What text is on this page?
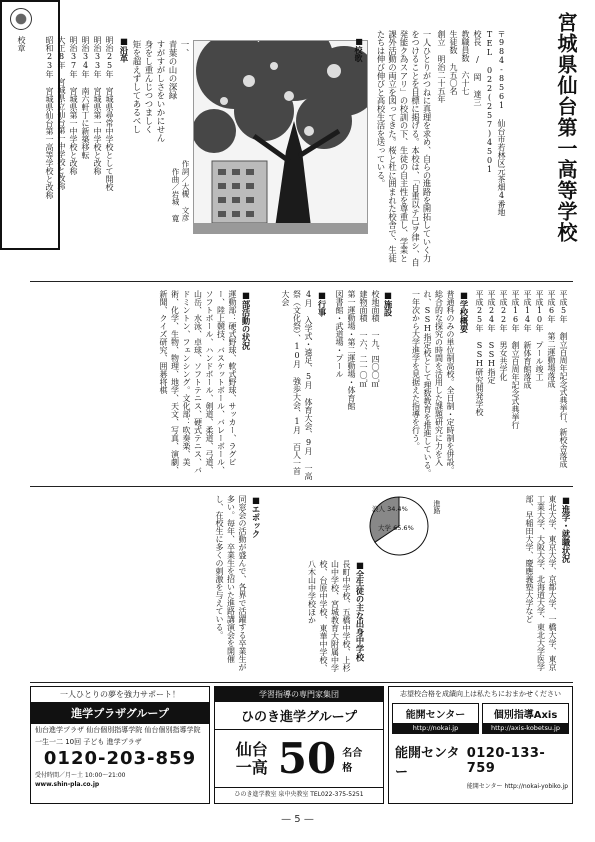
宮城県仙台第一高等学校
校章	〒984-8561 仙台市若林区元茶畑4番地
TEL 022(257)4501
校長 / 岡 達三
教職員数 六十七
生徒数 九五〇名
創立 明治二十五年
一人ひとりがつねに真理を求め、自らの進路を開拓していく力をつけることを目標に掲げる。本校は、「自重以テ己ヲ律シ、自発能ク為スアリ」の校訓の下、生徒の自主性を尊重し、学業と課外活動の両立を図ってきた。桜と杜に囲まれた校舎で、生徒たちは伸び伸びと高校生活を送っている。
■校歌
一、
青葉の山の深緑
すがすがしさをいかにせん
身をし重んじつつましく
矩を超えずしてあるべし
作詞／大槻 文彦
作曲／岩城 寛
■ 沿革
明治25年 宮城県尋常中学校として開校
明治33年 宮城県第一中学校と改称
明治34年 南六軒丁に新築移転
明治37年 宮城県第一中学校と改称
大正8年 宮城県立仙台第一中学校と改称
昭和23年 宮城県仙台第一高等学校と改称
平成5年 創立百周年記念式典挙行、新校舎落成
平成6年 第二運動場落成
平成10年 プール竣工
平成14年 新体育館落成
平成16年 創立百周年記念式典挙行
平成22年 男女共学化
平成24年 SSH指定
平成25年 SSH研究開発学校
■ 学校概要
普通科のみの単位制高校。全日制・定時制を併設。総合的な探究の時間を活用した課題研究に力を入れ、SSH指定校として理数教育を推進している。一年次から大学進学を見据えた指導を行う。
■ 施設
校地面積 一九、四〇〇㎡
建物面積 一六、二一〇㎡
第一運動場・第二運動場・体育館
図書館・武道場・プール
■ 行事
4月 入学式・遠足、5月 体育大会、9月 一高祭（文化祭）、10月 強歩大会、1月 百人一首大会
■ 部活動の状況
運動部：硬式野球、軟式野球、サッカー、ラグビー、陸上競技、バスケットボール、バレーボール、ソフトボール、ハンドボール、剣道、柔道、弓道、山岳、水泳、卓球、ソフトテニス、硬式テニス、バドミントン、フェンシング。文化部：吹奏楽、美術、化学、生物、物理、地学、天文、写真、演劇、新聞、クイズ研究、囲碁将棋
■ 進学・就職状況
東北大学、東京大学、京都大学、一橋大学、東京工業大学、大阪大学、北海道大学、東北大学医学部、早稲田大学、慶應義塾大学など
大学 65.6%
浪人 34.4%	進路
■ 全生徒の主な出身中学校
長町中学校、五橋中学校、上杉山中学校、宮城教育大附属中学校、台原中学校、東華中学校、八木山中学校ほか
■ エポック
同窓会の活動が盛んで、各界で活躍する卒業生が多い。毎年、卒業生を招いた進路講演会を開催し、在校生に多くの刺激を与えている。
一人ひとりの夢を強力サポート！
進学プラザグループ
仙台進学プラザ 仙台個別指導学院 仙台個別指導学院
一生一二 10回 子ども 進学プラザ
0120-203-859
受付時間／月～土 10:00～21:00
www.shin-pla.co.jp
学習指導の専門家集団
ひのき進学グループ
仙台一高 50 名合格
ひのき進学教室 泉中央教室 TEL022-375-5251
志望校合格を成績向上は私たちにおまかせください
能開センター
http://nokai.jp
個別指導Axis
http://axis-kobetsu.jp
能開センター
0120-133-759
能開センター http://nokai-yobiko.jp
— 5 —
